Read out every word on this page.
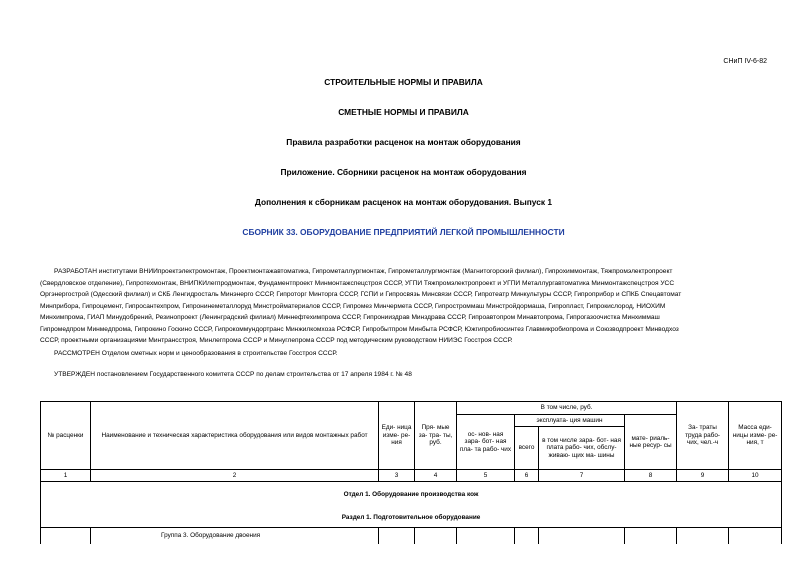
СНиП IV-6-82
СТРОИТЕЛЬНЫЕ НОРМЫ И ПРАВИЛА
СМЕТНЫЕ НОРМЫ И ПРАВИЛА
Правила разработки расценок на монтаж оборудования
Приложение. Сборники расценок на монтаж оборудования
Дополнения к сборникам расценок на монтаж оборудования. Выпуск 1
СБОРНИК 33. ОБОРУДОВАНИЕ ПРЕДПРИЯТИЙ ЛЕГКОЙ ПРОМЫШЛЕННОСТИ

РАЗРАБОТАН институтами ВНИИпроектэлектромонтаж, Проектмонтажавтоматика, Гипрометаллургмонтаж, Гипрометаллургмонтаж (Магнитогорский филиал), Гипрохиммонтаж, Тяжпромэлектропроект

(Свердловское отделение), Гипротехмонтаж, ВНИПКИлегпродмонтаж, Фундаментпроект Минмонтажспецстроя СССР, УГПИ Тяжпромэлектропроект и УГПИ Металлургавтоматика Минмонтажспецстроя УСС

Оргэнергострой (Одесский филиал) и СКБ Ленгидросталь Минэнерго СССР, Гипроторг Минторга СССР, ГСПИ и Гипросвязь Минсвязи СССР, Гипротеатр Минкультуры СССР, Гипроприбор и СПКБ Спецавтомат

Минприбора, Гипроцемент, Гипросантехпром, Гипронинеметаллоруд Минстройматериалов СССР, Гипромез Минчермета СССР, Гипростроммаш Минстройдормаша, Гипропласт, Гипрокислород, НИОХИМ

Минхимпрома, ГИАП Минудобрений, Резинопроект (Ленинградский филиал) Миннефтехимпрома СССР, Гипронииздрав Минздрава СССР, Гипроавтопром Минавтопрома, Гипрогазоочистка Минхиммаш

Гипромедпром Минмедпрома, Гипрокино Госкино СССР, Гипрокоммундортранс Минжилкомхоза РСФСР, Гипробытпром Минбыта РСФСР, Южгипробиосинтез Главмикробиопрома и Союзводпроект Минводхоз

СССР, проектными организациями Минтрансстроя, Минлегпрома СССР и Минуглепрома СССР под методическим руководством НИИЭС Госстроя СССР.

РАССМОТРЕН Отделом сметных норм и ценообразования в строительстве Госстроя СССР.

УТВЕРЖДЕН постановлением Государственного комитета СССР по делам строительства от 17 апреля 1984 г. № 48

№ расценки	Наименование и техническая характеристика оборудования или видов монтажных работ	Еди- ница изме- ре- ния	Пря- мые за- тра- ты, руб.	В том числе, руб.				За- траты труда рабо- чих, чел.-ч	Масса еди- ницы изме- ре- ния, т
				ос- нов- ная зара- бот- ная пла- та рабо- чих	эксплуата- ция машин		мате- риаль- ные ресур- сы		
					всего	в том числе зара- бот- ная плата рабо- чих, обслу- живаю- щих ма- шины			
1	2	3	4	5	6	7	8	9	10
Отдел 1. Оборудование производства кож									
Раздел 1. Подготовительное оборудование									
	Группа 3. Оборудование двоения								
